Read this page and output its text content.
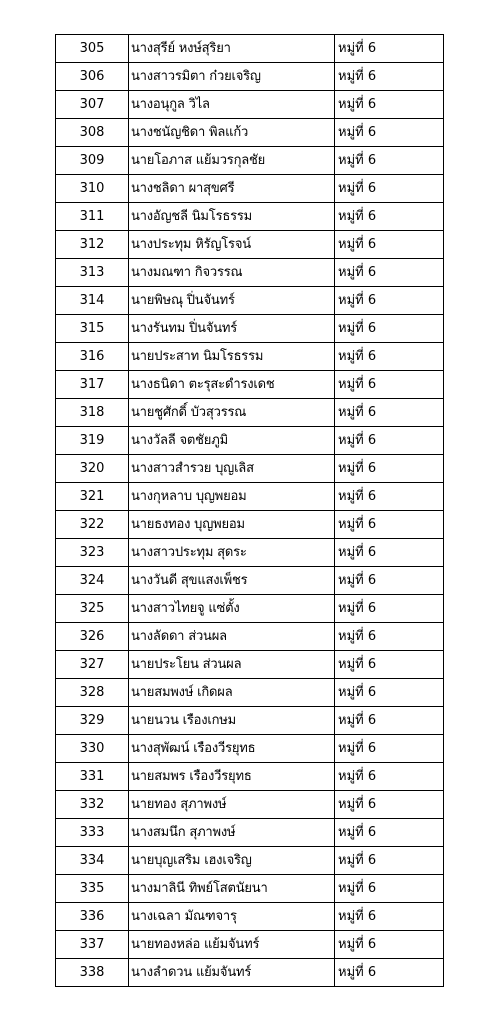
305	นางสุรีย์ หงษ์สุริยา	หมู่ที่ 6
306	นางสาวรมิตา ก๋วยเจริญ	หมู่ที่ 6
307	นางอนุกูล วิไล	หมู่ที่ 6
308	นางชนัญชิดา พิลแก้ว	หมู่ที่ 6
309	นายโอภาส แย้มวรกุลชัย	หมู่ที่ 6
310	นางชลิดา ผาสุขศรี	หมู่ที่ 6
311	นางอัญชลี นิมโรธรรม	หมู่ที่ 6
312	นางประทุม หิรัญโรจน์	หมู่ที่ 6
313	นางมณฑา กิจวรรณ	หมู่ที่ 6
314	นายพิษณุ ปิ่นจันทร์	หมู่ที่ 6
315	นางรันทม ปิ่นจันทร์	หมู่ที่ 6
316	นายประสาท นิมโรธรรม	หมู่ที่ 6
317	นางธนิดา ตะรุสะดำรงเดช	หมู่ที่ 6
318	นายชูศักดิ์ บัวสุวรรณ	หมู่ที่ 6
319	นางวัลลี จตชัยภูมิ	หมู่ที่ 6
320	นางสาวสำรวย บุญเลิส	หมู่ที่ 6
321	นางกุหลาบ บุญพยอม	หมู่ที่ 6
322	นายธงทอง บุญพยอม	หมู่ที่ 6
323	นางสาวประทุม สุดระ	หมู่ที่ 6
324	นางวันดี สุขแสงเพ็ชร	หมู่ที่ 6
325	นางสาวไทยจู แซ่ตั้ง	หมู่ที่ 6
326	นางลัดดา ส่วนผล	หมู่ที่ 6
327	นายประโยน ส่วนผล	หมู่ที่ 6
328	นายสมพงษ์ เกิดผล	หมู่ที่ 6
329	นายนวน เรืองเกษม	หมู่ที่ 6
330	นางสุพัฒน์ เรืองวีรยุทธ	หมู่ที่ 6
331	นายสมพร เรืองวีรยุทธ	หมู่ที่ 6
332	นายทอง สุภาพงษ์	หมู่ที่ 6
333	นางสมนึก สุภาพงษ์	หมู่ที่ 6
334	นายบุญเสริม เฮงเจริญ	หมู่ที่ 6
335	นางมาลินี ทิพย์โสตนัยนา	หมู่ที่ 6
336	นางเฉลา มัณฑจารุ	หมู่ที่ 6
337	นายทองหล่อ แย้มจันทร์	หมู่ที่ 6
338	นางลำดวน แย้มจันทร์	หมู่ที่ 6
